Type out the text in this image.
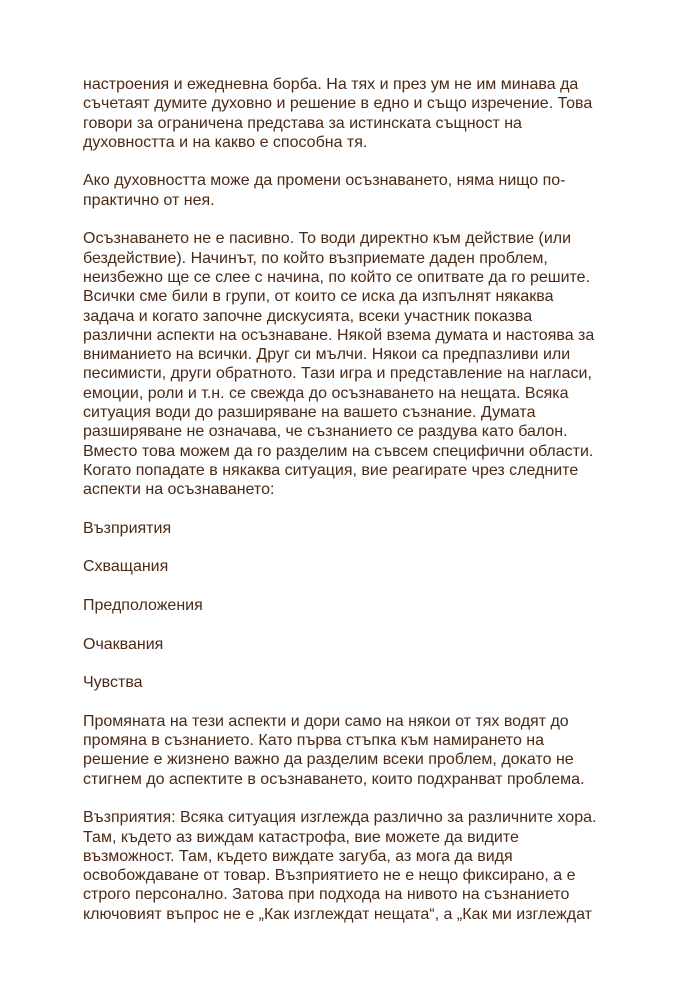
настроения и ежедневна борба. На тях и през ум не им минава да
съчетаят думите духовно и решение в едно и също изречение. Това
говори за ограничена представа за истинската същност на
духовността и на какво е способна тя.
Ако духовността може да промени осъзнаването, няма нищо по-
практично от нея.
Осъзнаването не е пасивно. То води директно към действие (или
бездействие). Начинът, по който възприемате даден проблем,
неизбежно ще се слее с начина, по който се опитвате да го решите.
Всички сме били в групи, от които се иска да изпълнят някаква
задача и когато започне дискусията, всеки участник показва
различни аспекти на осъзнаване. Някой взема думата и настоява за
вниманието на всички. Друг си мълчи. Някои са предпазливи или
песимисти, други обратното. Тази игра и представление на нагласи,
емоции, роли и т.н. се свежда до осъзнаването на нещата. Всяка
ситуация води до разширяване на вашето съзнание. Думата
разширяване не означава, че съзнанието се раздува като балон.
Вместо това можем да го разделим на съвсем специфични области.
Когато попадате в някаква ситуация, вие реагирате чрез следните
аспекти на осъзнаването:
Възприятия
Схващания
Предположения
Очаквания
Чувства
Промяната на тези аспекти и дори само на някои от тях водят до
промяна в съзнанието. Като първа стъпка към намирането на
решение е жизнено важно да разделим всеки проблем, докато не
стигнем до аспектите в осъзнаването, които подхранват проблема.
Възприятия: Всяка ситуация изглежда различно за различните хора.
Там, където аз виждам катастрофа, вие можете да видите
възможност. Там, където виждате загуба, аз мога да видя
освобождаване от товар. Възприятието не е нещо фиксирано, а е
строго персонално. Затова при подхода на нивото на съзнанието
ключовият въпрос не е „Как изглеждат нещата“, а „Как ми изглеждат
